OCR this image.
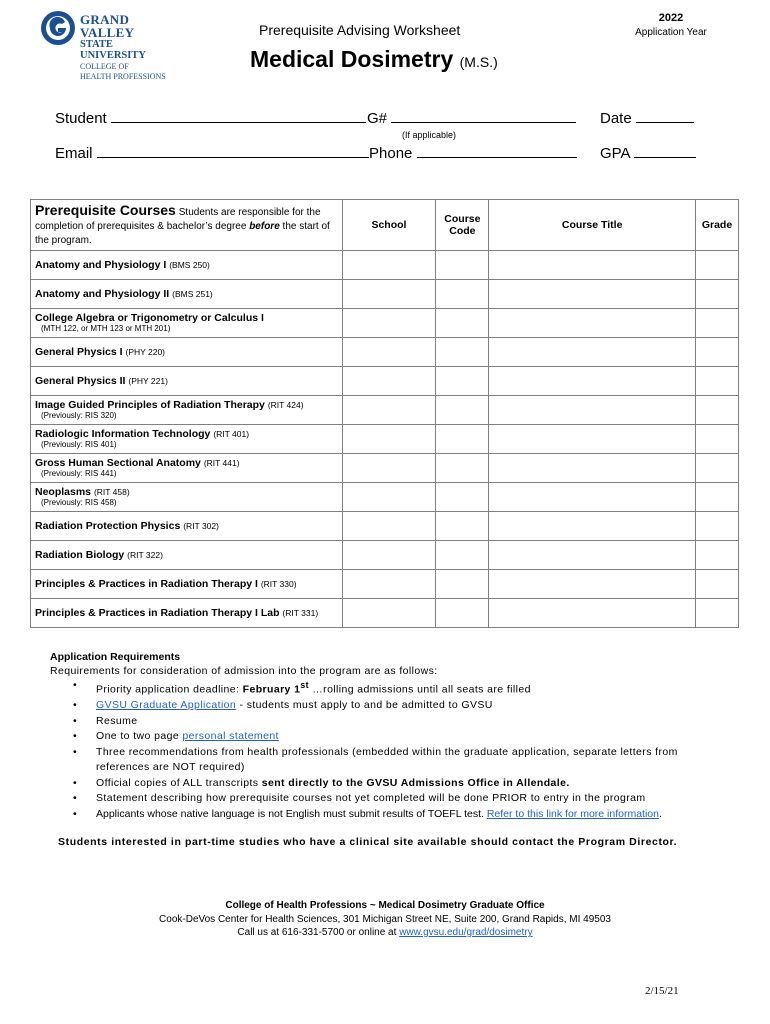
GRAND VALLEY
STATE UNIVERSITY
COLLEGE OF
HEALTH PROFESSIONS
Prerequisite Advising Worksheet
2022
Application Year
Medical Dosimetry (M.S.)
Student	G#
(If applicable)
Date
Email	Phone	GPA
Prerequisite Courses Students are responsible for the completion of prerequisites & bachelor’s degree before the start of the program.	School	Course Code	Course Title	Grade
Anatomy and Physiology I (BMS 250)				
Anatomy and Physiology II (BMS 251)				
College Algebra or Trigonometry or Calculus I
(MTH 122, or MTH 123 or MTH 201)				

General Physics I (PHY 220)				
General Physics II (PHY 221)				
Image Guided Principles of Radiation Therapy (RIT 424)
(Previously: RIS 320)				

Radiologic Information Technology (RIT 401)
(Previously: RIS 401)				

Gross Human Sectional Anatomy (RIT 441)
(Previously: RIS 441)				

Neoplasms (RIT 458)
(Previously: RIS 458)				

Radiation Protection Physics (RIT 302)				
Radiation Biology (RIT 322)				
Principles & Practices in Radiation Therapy I (RIT 330)				
Principles & Practices in Radiation Therapy I Lab (RIT 331)				
Application Requirements
Requirements for consideration of admission into the program are as follows:
• Priority application deadline: February 1st …rolling admissions until all seats are filled
• GVSU Graduate Application - students must apply to and be admitted to GVSU
• Resume
• One to two page personal statement
• Three recommendations from health professionals (embedded within the graduate application, separate letters from references are NOT required)
• Official copies of ALL transcripts sent directly to the GVSU Admissions Office in Allendale.
• Statement describing how prerequisite courses not yet completed will be done PRIOR to entry in the program
• Applicants whose native language is not English must submit results of TOEFL test. Refer to this link for more information.
Students interested in part-time studies who have a clinical site available should contact the Program Director.
College of Health Professions ~ Medical Dosimetry Graduate Office
Cook-DeVos Center for Health Sciences, 301 Michigan Street NE, Suite 200, Grand Rapids, MI 49503
Call us at 616-331-5700 or online at www.gvsu.edu/grad/dosimetry
2/15/21
